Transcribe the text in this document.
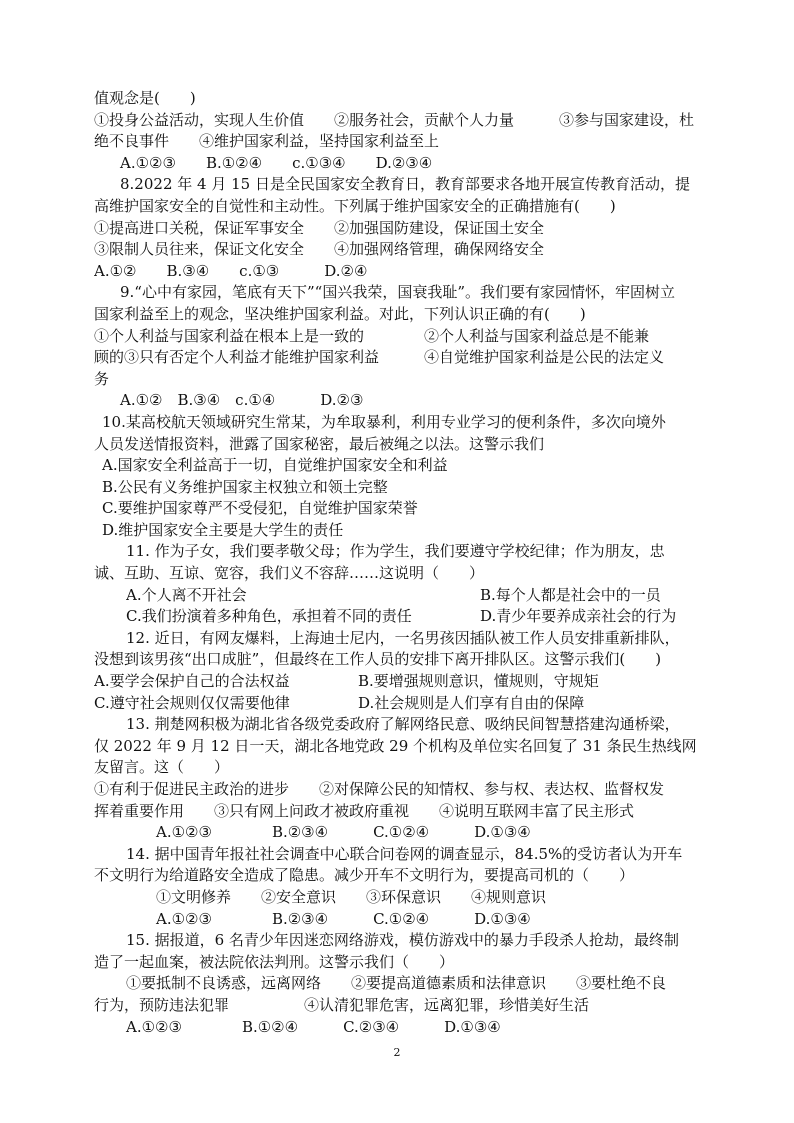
值观念是(　　)
①投身公益活动，实现人生价值　　②服务社会，贡献个人力量　　　③参与国家建设，杜
绝不良事件　　④维护国家利益，坚持国家利益至上
A.①②③　　B.①②④　　c.①③④　　D.②③④
8.2022 年 4 月 15 日是全民国家安全教育日，教育部要求各地开展宣传教育活动，提
高维护国家安全的自觉性和主动性。下列属于维护国家安全的正确措施有(　　)
①提高进口关税，保证军事安全　　②加强国防建设，保证国土安全
③限制人员往来，保证文化安全　　④加强网络管理，确保网络安全
A.①②　　B.③④　　c.①③　　　D.②④
9.“心中有家园，笔底有天下”“国兴我荣，国衰我耻”。我们要有家园情怀，牢固树立
国家利益至上的观念，坚决维护国家利益。对此，下列认识正确的有(　　)
①个人利益与国家利益在根本上是一致的　　　　②个人利益与国家利益总是不能兼
顾的③只有否定个人利益才能维护国家利益　　　④自觉维护国家利益是公民的法定义
务
A.①②　B.③④　c.①④　　　D.②③
10.某高校航天领域研究生常某，为牟取暴利，利用专业学习的便利条件，多次向境外
人员发送情报资料，泄露了国家秘密，最后被绳之以法。这警示我们
A.国家安全利益高于一切，自觉维护国家安全和利益
B.公民有义务维护国家主权独立和领土完整
C.要维护国家尊严不受侵犯，自觉维护国家荣誉
D.维护国家安全主要是大学生的责任
11. 作为子女，我们要孝敬父母；作为学生，我们要遵守学校纪律；作为朋友，忠
诚、互助、互谅、宽容，我们义不容辞……这说明（　　）
A.个人离不开社会	B.每个人都是社会中的一员
C.我们扮演着多种角色，承担着不同的责任	D.青少年要养成亲社会的行为
12. 近日，有网友爆料，上海迪士尼内，一名男孩因插队被工作人员安排重新排队，
没想到该男孩“出口成脏”，但最终在工作人员的安排下离开排队区。这警示我们(　　)
A.要学会保护自己的合法权益	B.要增强规则意识，懂规则，守规矩
C.遵守社会规则仅仅需要他律	D.社会规则是人们享有自由的保障
13. 荆楚网积极为湖北省各级党委政府了解网络民意、吸纳民间智慧搭建沟通桥梁，
仅 2022 年 9 月 12 日一天，湖北各地党政 29 个机构及单位实名回复了 31 条民生热线网
友留言。这（　　）
①有利于促进民主政治的进步　　②对保障公民的知情权、参与权、表达权、监督权发
挥着重要作用　　③只有网上问政才被政府重视　　④说明互联网丰富了民主形式
A.①②③　　　　B.②③④　　　C.①②④　　　D.①③④
14. 据中国青年报社社会调查中心联合问卷网的调查显示，84.5%的受访者认为开车
不文明行为给道路安全造成了隐患。减少开车不文明行为，要提高司机的（　　）
①文明修养　　②安全意识　　③环保意识　　④规则意识
A.①②③　　　　B.②③④　　　C.①②④　　　D.①③④
15. 据报道，6 名青少年因迷恋网络游戏，模仿游戏中的暴力手段杀人抢劫，最终制
造了一起血案，被法院依法判刑。这警示我们（　　）
①要抵制不良诱惑，远离网络　　②要提高道德素质和法律意识　　③要杜绝不良
行为，预防违法犯罪　　　　　④认清犯罪危害，远离犯罪，珍惜美好生活
A.①②③　　　　B.①②④　　　C.②③④　　　D.①③④
2
